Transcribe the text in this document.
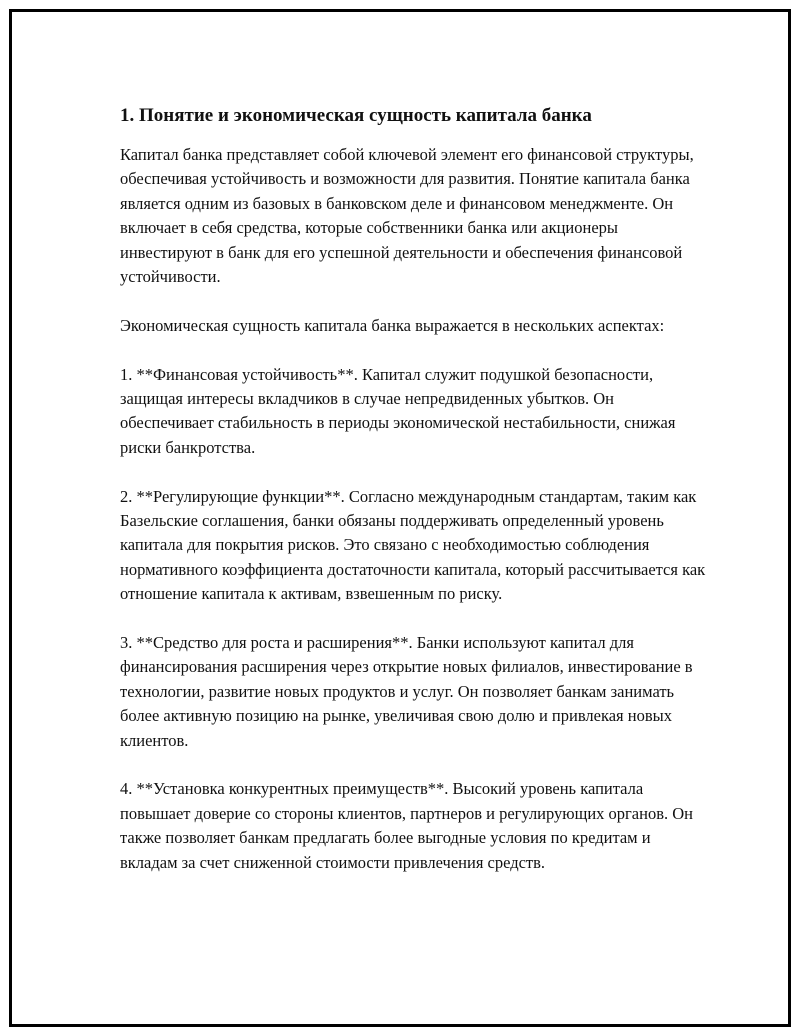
1. Понятие и экономическая сущность капитала банка

Капитал банка представляет собой ключевой элемент его финансовой структуры, обеспечивая устойчивость и возможности для развития. Понятие капитала банка является одним из базовых в банковском деле и финансовом менеджменте. Он включает в себя средства, которые собственники банка или акционеры инвестируют в банк для его успешной деятельности и обеспечения финансовой устойчивости.

Экономическая сущность капитала банка выражается в нескольких аспектах:

1. **Финансовая устойчивость**. Капитал служит подушкой безопасности, защищая интересы вкладчиков в случае непредвиденных убытков. Он обеспечивает стабильность в периоды экономической нестабильности, снижая риски банкротства.

2. **Регулирующие функции**. Согласно международным стандартам, таким как Базельские соглашения, банки обязаны поддерживать определенный уровень капитала для покрытия рисков. Это связано с необходимостью соблюдения нормативного коэффициента достаточности капитала, который рассчитывается как отношение капитала к активам, взвешенным по риску.

3. **Средство для роста и расширения**. Банки используют капитал для финансирования расширения через открытие новых филиалов, инвестирование в технологии, развитие новых продуктов и услуг. Он позволяет банкам занимать более активную позицию на рынке, увеличивая свою долю и привлекая новых клиентов.

4. **Установка конкурентных преимуществ**. Высокий уровень капитала повышает доверие со стороны клиентов, партнеров и регулирующих органов. Он также позволяет банкам предлагать более выгодные условия по кредитам и вкладам за счет сниженной стоимости привлечения средств.
